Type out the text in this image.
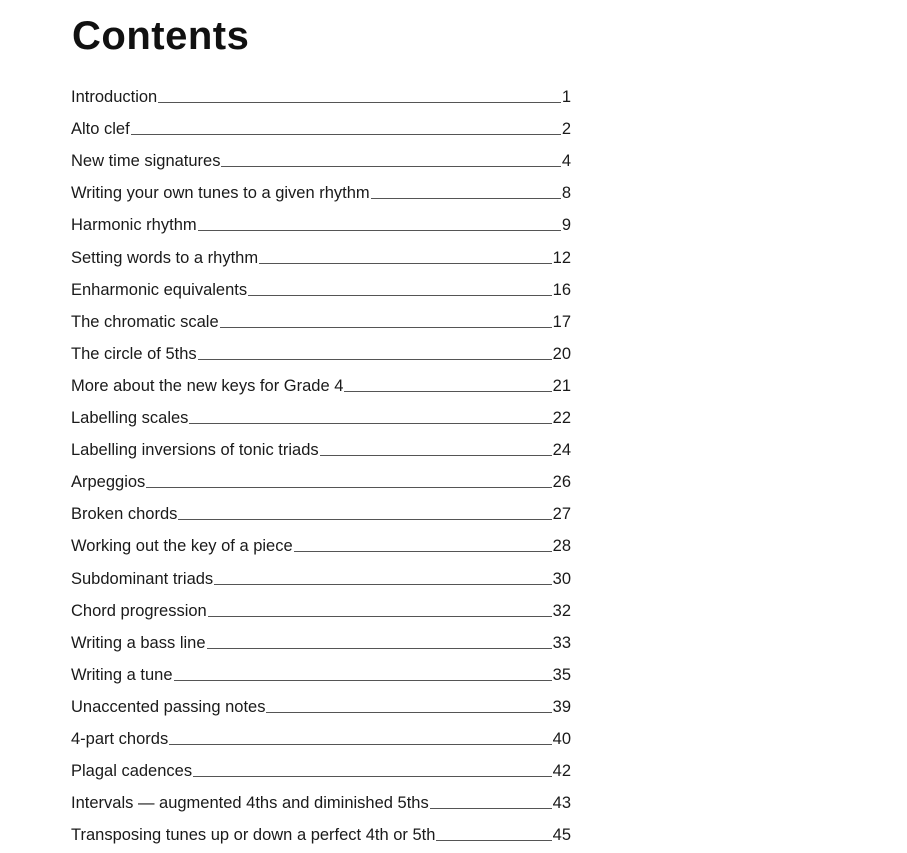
Contents
Introduction	1
Alto clef	2
New time signatures	4
Writing your own tunes to a given rhythm	8
Harmonic rhythm	9
Setting words to a rhythm	12
Enharmonic equivalents	16
The chromatic scale	17
The circle of 5ths	20
More about the new keys for Grade 4	21
Labelling scales	22
Labelling inversions of tonic triads	24
Arpeggios	26
Broken chords	27
Working out the key of a piece	28
Subdominant triads	30
Chord progression	32
Writing a bass line	33
Writing a tune	35
Unaccented passing notes	39
4-part chords	40
Plagal cadences	42
Intervals — augmented 4ths and diminished 5ths	43
Transposing tunes up or down a perfect 4th or 5th	45
